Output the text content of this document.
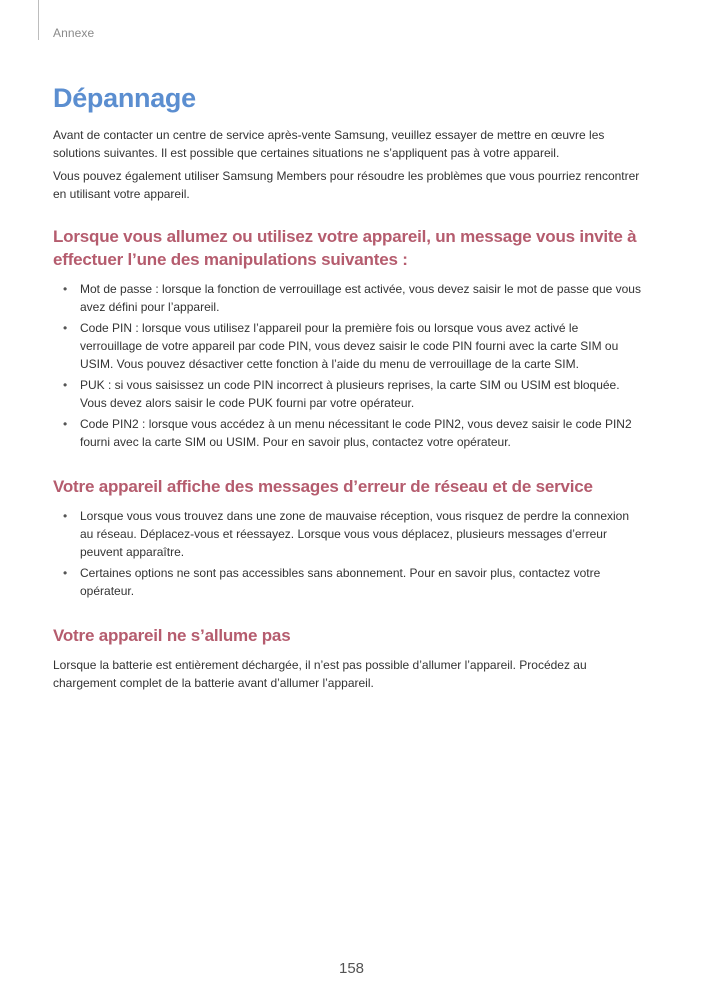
Annexe
Dépannage

Avant de contacter un centre de service après-vente Samsung, veuillez essayer de mettre en œuvre les solutions suivantes. Il est possible que certaines situations ne s’appliquent pas à votre appareil.

Vous pouvez également utiliser Samsung Members pour résoudre les problèmes que vous pourriez rencontrer en utilisant votre appareil.

Lorsque vous allumez ou utilisez votre appareil, un message vous invite à effectuer l’une des manipulations suivantes :
• Mot de passe : lorsque la fonction de verrouillage est activée, vous devez saisir le mot de passe que vous avez défini pour l’appareil.
• Code PIN : lorsque vous utilisez l’appareil pour la première fois ou lorsque vous avez activé le verrouillage de votre appareil par code PIN, vous devez saisir le code PIN fourni avec la carte SIM ou USIM. Vous pouvez désactiver cette fonction à l’aide du menu de verrouillage de la carte SIM.
• PUK : si vous saisissez un code PIN incorrect à plusieurs reprises, la carte SIM ou USIM est bloquée. Vous devez alors saisir le code PUK fourni par votre opérateur.
• Code PIN2 : lorsque vous accédez à un menu nécessitant le code PIN2, vous devez saisir le code PIN2 fourni avec la carte SIM ou USIM. Pour en savoir plus, contactez votre opérateur.
Votre appareil affiche des messages d’erreur de réseau et de service
• Lorsque vous vous trouvez dans une zone de mauvaise réception, vous risquez de perdre la connexion au réseau. Déplacez-vous et réessayez. Lorsque vous vous déplacez, plusieurs messages d’erreur peuvent apparaître.
• Certaines options ne sont pas accessibles sans abonnement. Pour en savoir plus, contactez votre opérateur.
Votre appareil ne s’allume pas

Lorsque la batterie est entièrement déchargée, il n’est pas possible d’allumer l’appareil. Procédez au chargement complet de la batterie avant d’allumer l’appareil.

158
